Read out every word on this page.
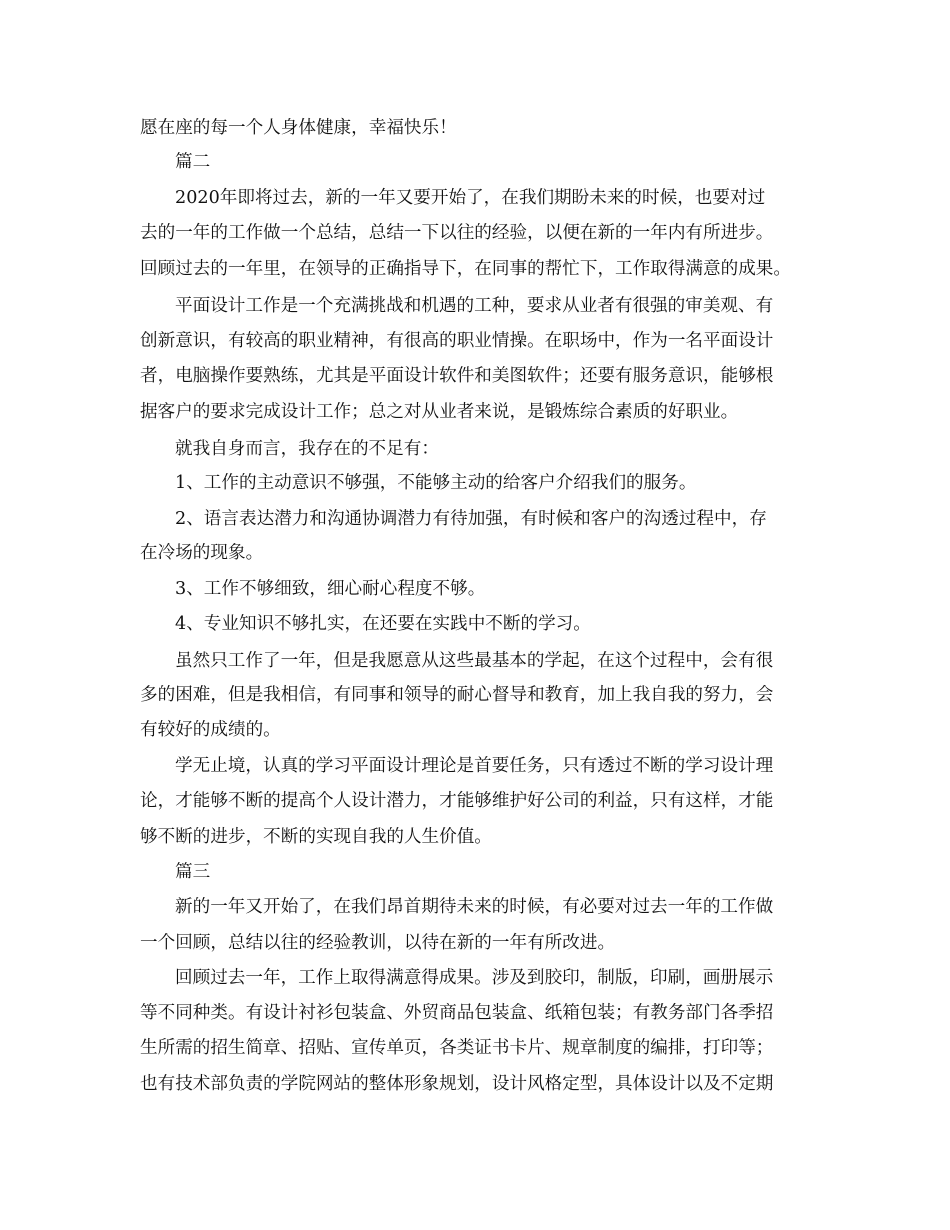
愿在座的每一个人身体健康，幸福快乐！
篇二
2020年即将过去，新的一年又要开始了，在我们期盼未来的时候，也要对过
去的一年的工作做一个总结，总结一下以往的经验，以便在新的一年内有所进步。
回顾过去的一年里，在领导的正确指导下，在同事的帮忙下，工作取得满意的成果。
平面设计工作是一个充满挑战和机遇的工种，要求从业者有很强的审美观、有
创新意识，有较高的职业精神，有很高的职业情操。在职场中，作为一名平面设计
者，电脑操作要熟练，尤其是平面设计软件和美图软件；还要有服务意识，能够根
据客户的要求完成设计工作；总之对从业者来说，是锻炼综合素质的好职业。
就我自身而言，我存在的不足有：
1、工作的主动意识不够强，不能够主动的给客户介绍我们的服务。
2、语言表达潜力和沟通协调潜力有待加强，有时候和客户的沟透过程中，存
在冷场的现象。
3、工作不够细致，细心耐心程度不够。
4、专业知识不够扎实，在还要在实践中不断的学习。
虽然只工作了一年，但是我愿意从这些最基本的学起，在这个过程中，会有很
多的困难，但是我相信，有同事和领导的耐心督导和教育，加上我自我的努力，会
有较好的成绩的。
学无止境，认真的学习平面设计理论是首要任务，只有透过不断的学习设计理
论，才能够不断的提高个人设计潜力，才能够维护好公司的利益，只有这样，才能
够不断的进步，不断的实现自我的人生价值。
篇三
新的一年又开始了，在我们昂首期待未来的时候，有必要对过去一年的工作做
一个回顾，总结以往的经验教训，以待在新的一年有所改进。
回顾过去一年，工作上取得满意得成果。涉及到胶印，制版，印刷，画册展示
等不同种类。有设计衬衫包装盒、外贸商品包装盒、纸箱包装；有教务部门各季招
生所需的招生简章、招贴、宣传单页，各类证书卡片、规章制度的编排，打印等；
也有技术部负责的学院网站的整体形象规划，设计风格定型，具体设计以及不定期
